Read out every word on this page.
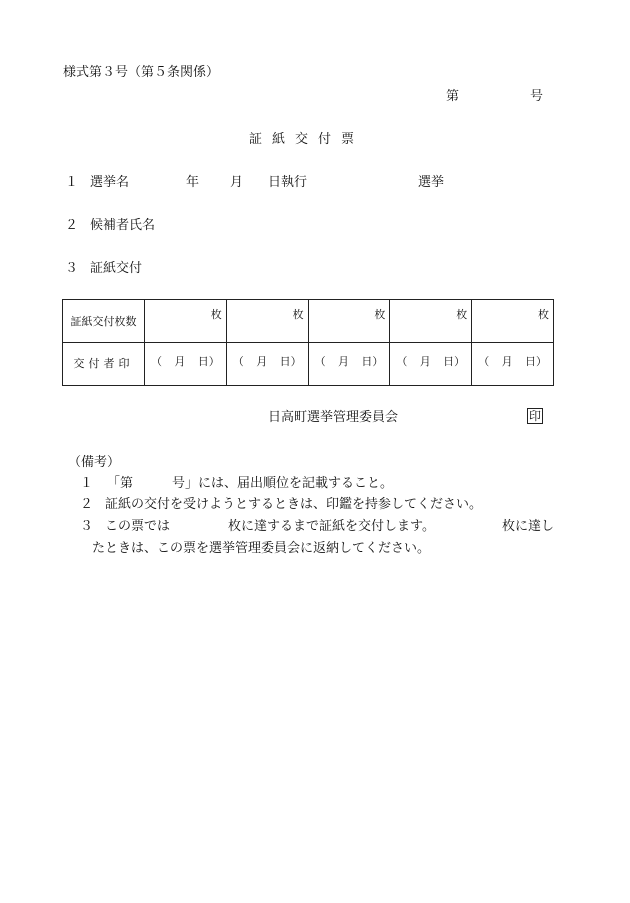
様式第３号（第５条関係）
第	号
証紙交付票
１ 選挙名	年 月 日執行	選挙
２ 候補者氏名
３ 証紙交付
証紙交付枚数	枚	枚	枚	枚	枚
交付者印	（ 月 日）	（ 月 日）	（ 月 日）	（ 月 日）	（ 月 日）
日高町選挙管理委員会	印
（備考）
１ 「第	号」には、届出順位を記載すること。
２ 証紙の交付を受けようとするときは、印鑑を持参してください。
３ この票では	枚に達するまで証紙を交付します。	枚に達し
たときは、この票を選挙管理委員会に返納してください。
